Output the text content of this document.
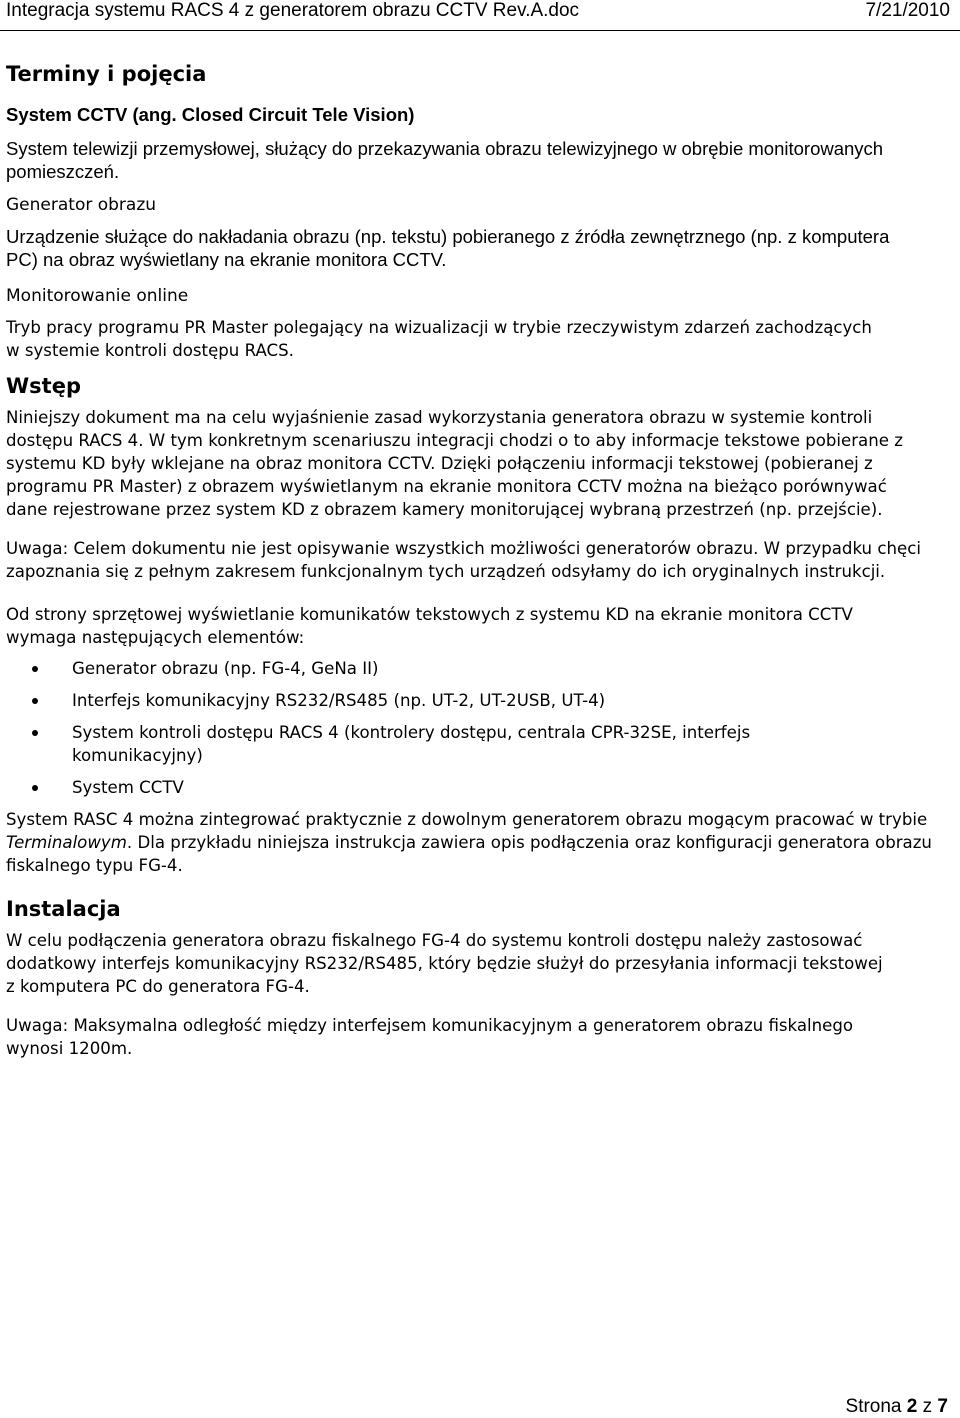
Integracja systemu RACS 4 z generatorem obrazu CCTV Rev.A.doc	7/21/2010
Terminy i pojęcia
System CCTV (ang. Closed Circuit Tele Vision)

System telewizji przemysłowej, służący do przekazywania obrazu telewizyjnego w obrębie monitorowanych pomieszczeń.

Generator obrazu

Urządzenie służące do nakładania obrazu (np. tekstu) pobieranego z źródła zewnętrznego (np. z komputera PC) na obraz wyświetlany na ekranie monitora CCTV.

Monitorowanie online

Tryb pracy programu PR Master polegający na wizualizacji w trybie rzeczywistym zdarzeń zachodzących w systemie kontroli dostępu RACS.

Wstęp

Niniejszy dokument ma na celu wyjaśnienie zasad wykorzystania generatora obrazu w systemie kontroli dostępu RACS 4. W tym konkretnym scenariuszu integracji chodzi o to aby informacje tekstowe pobierane z systemu KD były wklejane na obraz monitora CCTV. Dzięki połączeniu informacji tekstowej (pobieranej z programu PR Master) z obrazem wyświetlanym na ekranie monitora CCTV można na bieżąco porównywać dane rejestrowane przez system KD z obrazem kamery monitorującej wybraną przestrzeń (np. przejście).

Uwaga: Celem dokumentu nie jest opisywanie wszystkich możliwości generatorów obrazu. W przypadku chęci zapoznania się z pełnym zakresem funkcjonalnym tych urządzeń odsyłamy do ich oryginalnych instrukcji.

Od strony sprzętowej wyświetlanie komunikatów tekstowych z systemu KD na ekranie monitora CCTV wymaga następujących elementów:

Generator obrazu (np. FG-4, GeNa II)
Interfejs komunikacyjny RS232/RS485 (np. UT-2, UT-2USB, UT-4)
System kontroli dostępu RACS 4 (kontrolery dostępu, centrala CPR-32SE, interfejs komunikacyjny)
System CCTV

System RASC 4 można zintegrować praktycznie z dowolnym generatorem obrazu mogącym pracować w trybie Terminalowym. Dla przykładu niniejsza instrukcja zawiera opis podłączenia oraz konfiguracji generatora obrazu fiskalnego typu FG-4.

Instalacja

W celu podłączenia generatora obrazu fiskalnego FG-4 do systemu kontroli dostępu należy zastosować dodatkowy interfejs komunikacyjny RS232/RS485, który będzie służył do przesyłania informacji tekstowej z komputera PC do generatora FG-4.

Uwaga: Maksymalna odległość między interfejsem komunikacyjnym a generatorem obrazu fiskalnego wynosi 1200m.

Strona 2 z 7
